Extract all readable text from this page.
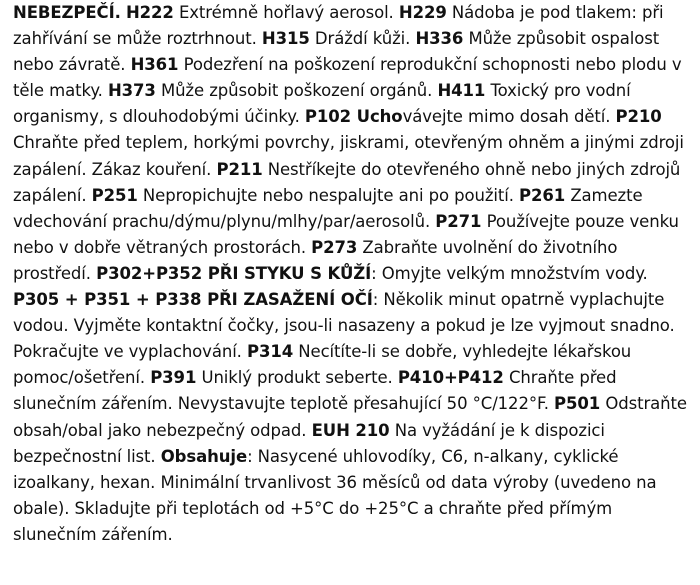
NEBEZPEČÍ. H222 Extrémně hořlavý aerosol. H229 Nádoba je pod tlakem: při zahřívání se může roztrhnout. H315 Dráždí kůži. H336 Může způsobit ospalost nebo závratě. H361 Podezření na poškození reprodukční schopnosti nebo plodu v těle matky. H373 Může způsobit poškození orgánů. H411 Toxický pro vodní organismy, s dlouhodobými účinky. P102 Uchovávejte mimo dosah dětí. P210 Chraňte před teplem, horkými povrchy, jiskrami, otevřeným ohněm a jinými zdroji zapálení. Zákaz kouření. P211 Nestříkejte do otevřeného ohně nebo jiných zdrojů zapálení. P251 Nepropichujte nebo nespalujte ani po použití. P261 Zamezte vdechování prachu/dýmu/plynu/mlhy/par/aerosolů. P271 Používejte pouze venku nebo v dobře větraných prostorách. P273 Zabraňte uvolnění do životního prostředí. P302+P352 PŘI STYKU S KŮŽÍ: Omyjte velkým množstvím vody. P305 + P351 + P338 PŘI ZASAŽENÍ OČÍ: Několik minut opatrně vyplachujte vodou. Vyjměte kontaktní čočky, jsou-li nasazeny a pokud je lze vyjmout snadno. Pokračujte ve vyplachování. P314 Necítíte-li se dobře, vyhledejte lékařskou pomoc/ošetření. P391 Uniklý produkt seberte. P410+P412 Chraňte před slunečním zářením. Nevystavujte teplotě přesahující 50 °C/122°F. P501 Odstraňte obsah/obal jako nebezpečný odpad. EUH 210 Na vyžádání je k dispozici bezpečnostní list. Obsahuje: Nasycené uhlovodíky, C6, n-alkany, cyklické izoalkany, hexan. Minimální trvanlivost 36 měsíců od data výroby (uvedeno na obale). Skladujte při teplotách od +5°C do +25°C a chraňte před přímým slunečním zářením.
